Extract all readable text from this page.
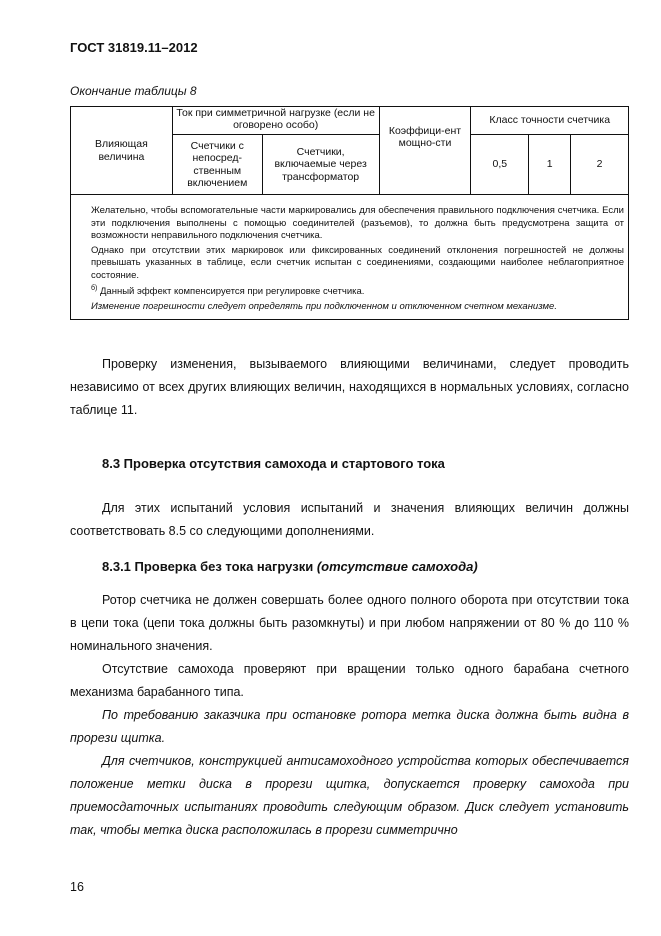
ГОСТ 31819.11–2012
Окончание таблицы 8
Влияющая величина	Ток при симметричной нагрузке (если не оговорено особо)		Коэффици-ент мощно-сти	Класс точности счетчика		
	Счетчики с непосред-ственным включением	Счетчики, включаемые через трансформатор		0,5	1	2

Желательно, чтобы вспомогательные части маркировались для обеспечения правильного подключения счетчика. Если эти подключения выполнены с помощью соединителей (разъемов), то должна быть предусмотрена защита от возможности неправильного подключения счетчика.

Однако при отсутствии этих маркировок или фиксированных соединений отклонения погрешностей не должны превышать указанных в таблице, если счетчик испытан с соединениями, создающими наиболее неблагоприятное состояние.

$^{б)}$ Данный эффект компенсируется при регулировке счетчика.

Изменение погрешности следует определять при подключенном и отключенном счетном механизме.						

Проверку изменения, вызываемого влияющими величинами, следует проводить независимо от всех других влияющих величин, находящихся в нормальных условиях, согласно таблице 11.
8.3 Проверка отсутствия самохода и стартового тока
Для этих испытаний условия испытаний и значения влияющих величин должны соответствовать 8.5 со следующими дополнениями.
8.3.1 Проверка без тока нагрузки (отсутствие самохода)
Ротор счетчика не должен совершать более одного полного оборота при отсутствии тока в цепи тока (цепи тока должны быть разомкнуты) и при любом напряжении от 80 % до 110 % номинального значения.
Отсутствие самохода проверяют при вращении только одного барабана счетного механизма барабанного типа.
По требованию заказчика при остановке ротора метка диска должна быть видна в прорези щитка.
Для счетчиков, конструкцией антисамоходного устройства которых обеспечивается положение метки диска в прорези щитка, допускается проверку самохода при приемосдаточных испытаниях проводить следующим образом. Диск следует установить так, чтобы метка диска расположилась в прорези симметрично
16
